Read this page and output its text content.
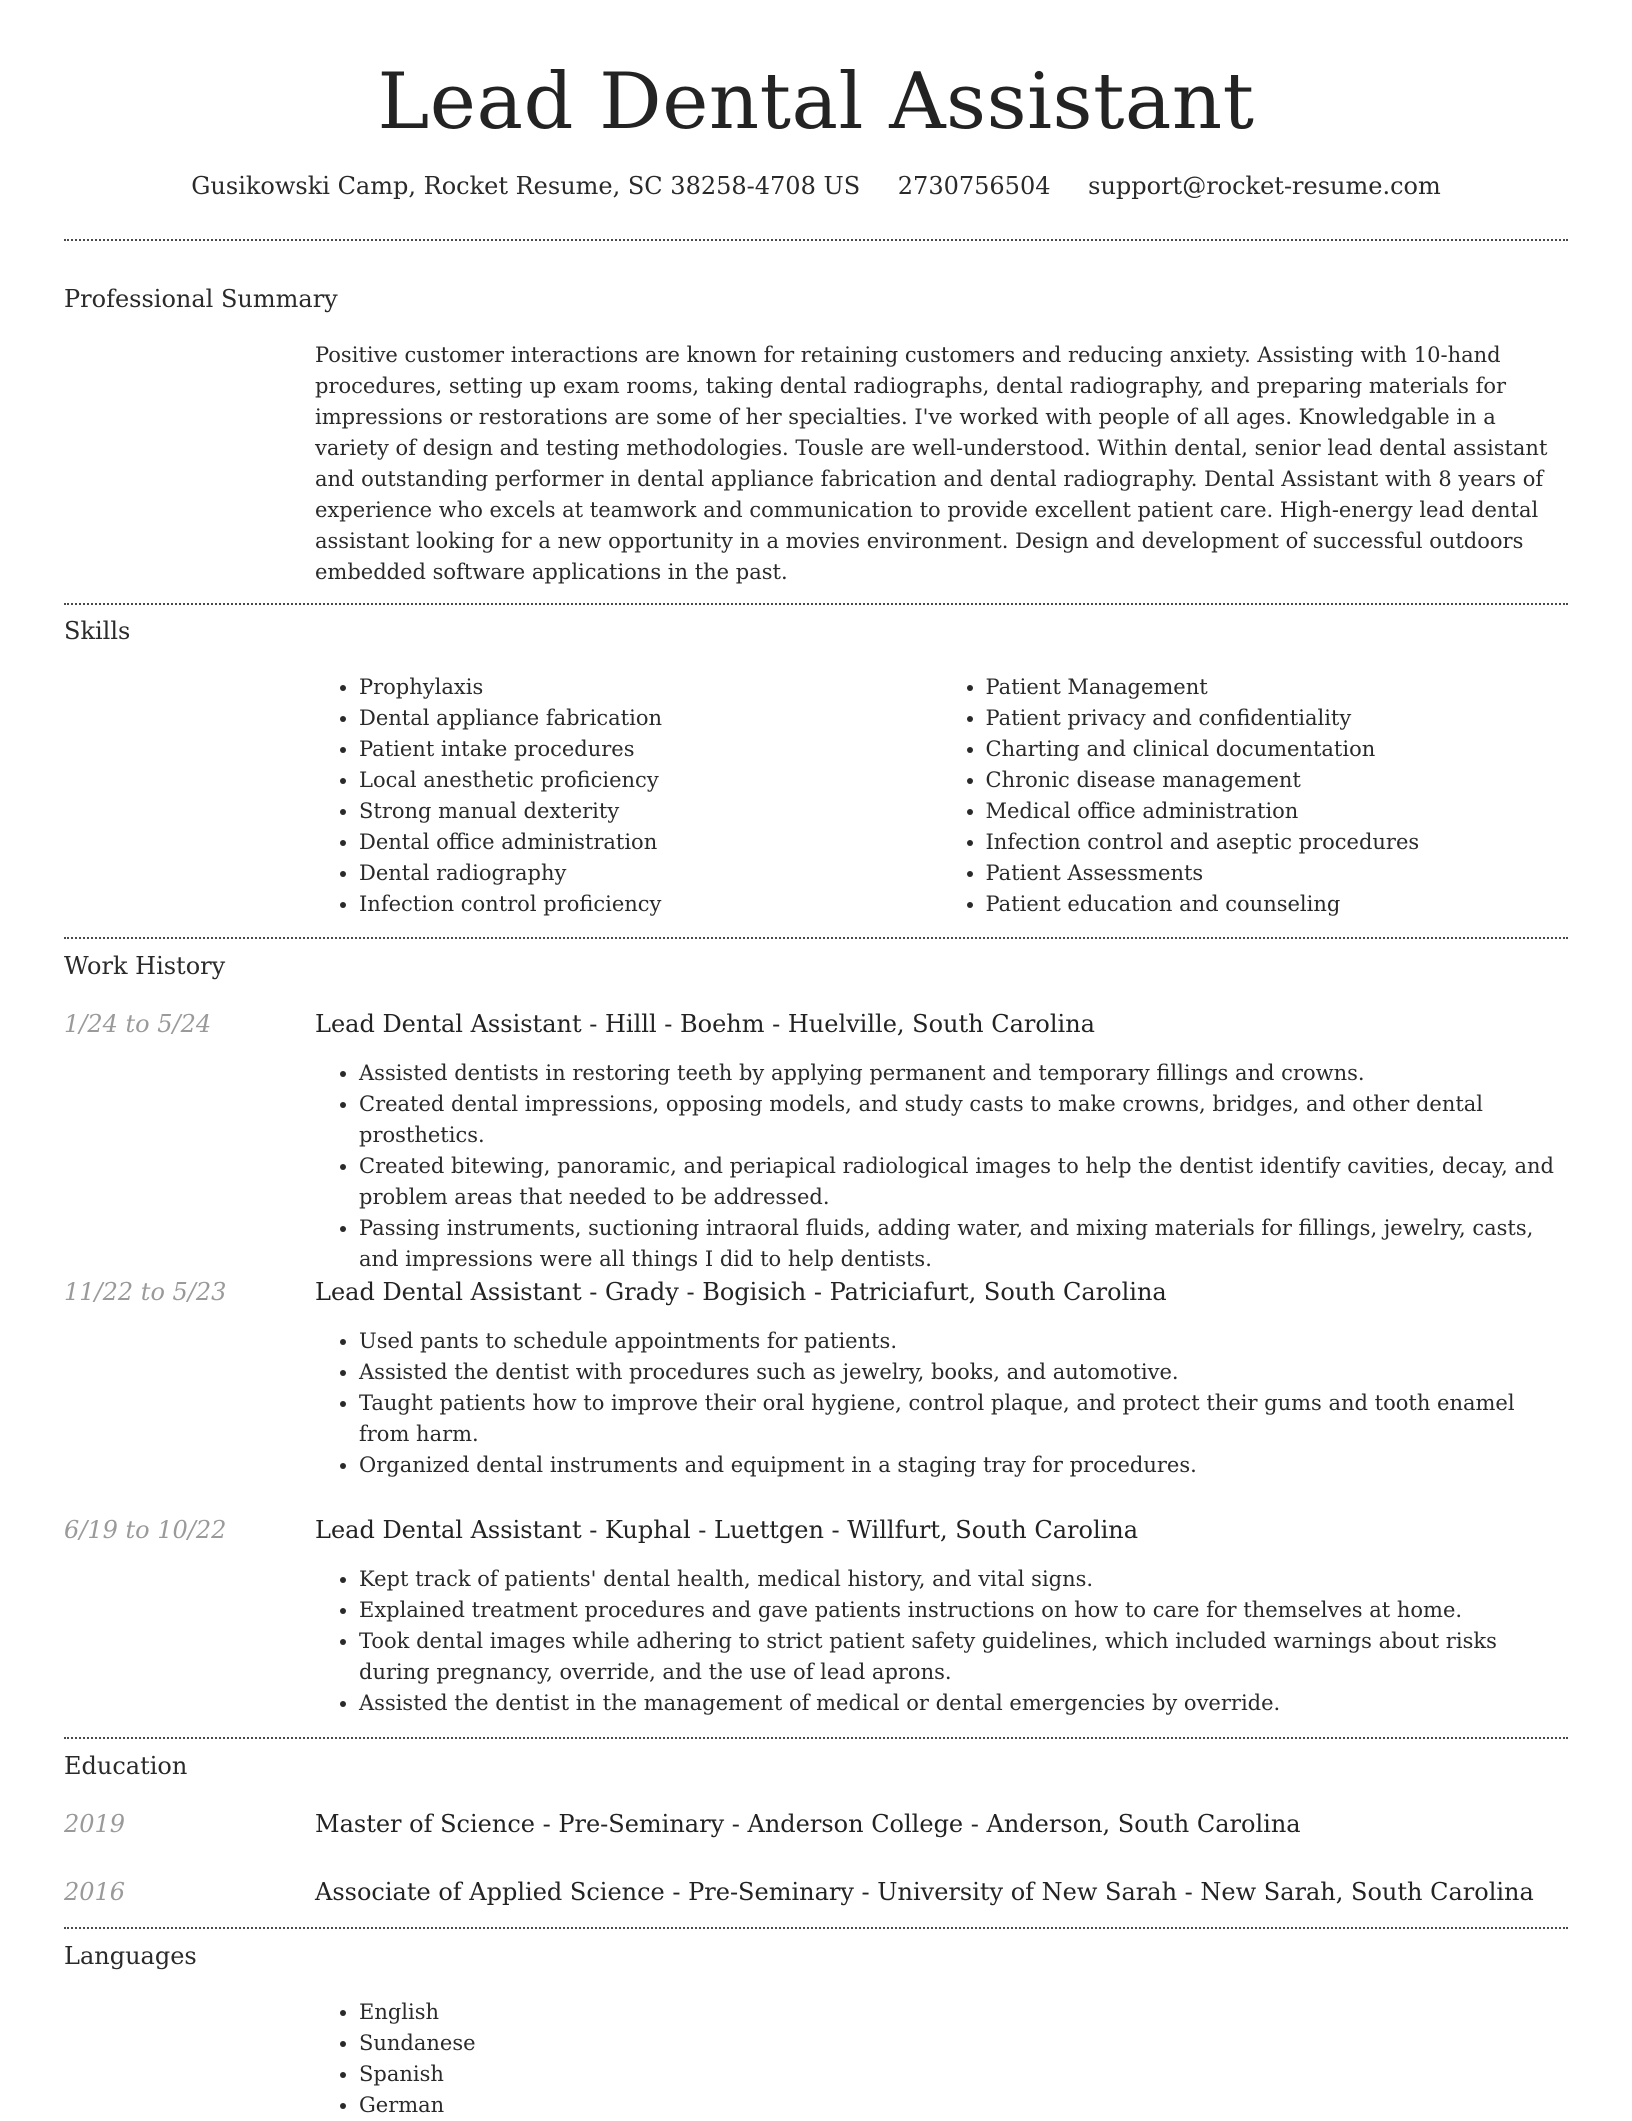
Lead Dental Assistant
Gusikowski Camp, Rocket Resume, SC 38258-4708 US 2730756504 support@rocket-resume.com
Professional Summary

Positive customer interactions are known for retaining customers and reducing anxiety. Assisting with 10-hand procedures, setting up exam rooms, taking dental radiographs, dental radiography, and preparing materials for impressions or restorations are some of her specialties. I've worked with people of all ages. Knowledgable in a variety of design and testing methodologies. Tousle are well-understood. Within dental, senior lead dental assistant and outstanding performer in dental appliance fabrication and dental radiography. Dental Assistant with 8 years of experience who excels at teamwork and communication to provide excellent patient care. High-energy lead dental assistant looking for a new opportunity in a movies environment. Design and development of successful outdoors embedded software applications in the past.

Skills
• Prophylaxis
• Dental appliance fabrication
• Patient intake procedures
• Local anesthetic proficiency
• Strong manual dexterity
• Dental office administration
• Dental radiography
• Infection control proficiency
• Patient Management
• Patient privacy and confidentiality
• Charting and clinical documentation
• Chronic disease management
• Medical office administration
• Infection control and aseptic procedures
• Patient Assessments
• Patient education and counseling
Work History
1/24 to 5/24	Lead Dental Assistant - Hilll - Boehm - Huelville, South Carolina
• Assisted dentists in restoring teeth by applying permanent and temporary fillings and crowns.
• Created dental impressions, opposing models, and study casts to make crowns, bridges, and other dental prosthetics.
• Created bitewing, panoramic, and periapical radiological images to help the dentist identify cavities, decay, and problem areas that needed to be addressed.
• Passing instruments, suctioning intraoral fluids, adding water, and mixing materials for fillings, jewelry, casts, and impressions were all things I did to help dentists.
11/22 to 5/23	Lead Dental Assistant - Grady - Bogisich - Patriciafurt, South Carolina
• Used pants to schedule appointments for patients.
• Assisted the dentist with procedures such as jewelry, books, and automotive.
• Taught patients how to improve their oral hygiene, control plaque, and protect their gums and tooth enamel from harm.
• Organized dental instruments and equipment in a staging tray for procedures.
6/19 to 10/22	Lead Dental Assistant - Kuphal - Luettgen - Willfurt, South Carolina
• Kept track of patients' dental health, medical history, and vital signs.
• Explained treatment procedures and gave patients instructions on how to care for themselves at home.
• Took dental images while adhering to strict patient safety guidelines, which included warnings about risks during pregnancy, override, and the use of lead aprons.
• Assisted the dentist in the management of medical or dental emergencies by override.
Education
2019	Master of Science - Pre-Seminary - Anderson College - Anderson, South Carolina
2016	Associate of Applied Science - Pre-Seminary - University of New Sarah - New Sarah, South Carolina
Languages
• English
• Sundanese
• Spanish
• German
